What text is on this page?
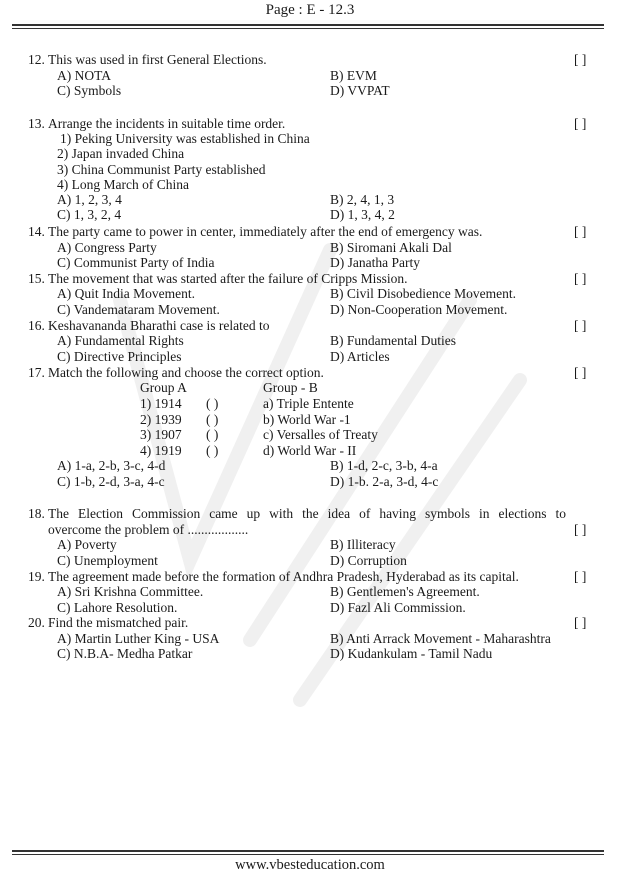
Page : E - 12.3
12. This was used in first General Elections.	[ ]
A) NOTA	B) EVM
C) Symbols	D) VVPAT
13. Arrange the incidents in suitable time order.	[ ]
1) Peking University was established in China
2) Japan invaded China
3) China Communist Party established
4) Long March of China
A) 1, 2, 3, 4	B) 2, 4, 1, 3
C) 1, 3, 2, 4	D) 1, 3, 4, 2
14. The party came to power in center, immediately after the end of emergency was.	[ ]
A) Congress Party	B) Siromani Akali Dal
C) Communist Party of India	D) Janatha Party
15. The movement that was started after the failure of Cripps Mission.	[ ]
A) Quit India Movement.	B) Civil Disobedience Movement.
C) Vandemataram Movement.	D) Non-Cooperation Movement.
16. Keshavananda Bharathi case is related to	[ ]
A) Fundamental Rights	B) Fundamental Duties
C) Directive Principles	D) Articles
17. Match the following and choose the correct option.	[ ]
Group A	Group - B
1) 1914 ( )	a) Triple Entente
2) 1939 ( )	b) World War -1
3) 1907 ( )	c) Versalles of Treaty
4) 1919 ( )	d) World War - II
A) 1-a, 2-b, 3-c, 4-d	B) 1-d, 2-c, 3-b, 4-a
C) 1-b, 2-d, 3-a, 4-c	D) 1-b. 2-a, 3-d, 4-c
18. The Election Commission came up with the idea of having symbols in elections to
overcome the problem of ..................	[ ]
A) Poverty	B) Illiteracy
C) Unemployment	D) Corruption
19. The agreement made before the formation of Andhra Pradesh, Hyderabad as its capital.	[ ]
A) Sri Krishna Committee.	B) Gentlemen's Agreement.
C) Lahore Resolution.	D) Fazl Ali Commission.
20. Find the mismatched pair.	[ ]
A) Martin Luther King - USA	B) Anti Arrack Movement - Maharashtra
C) N.B.A- Medha Patkar	D) Kudankulam - Tamil Nadu
www.vbesteducation.com
